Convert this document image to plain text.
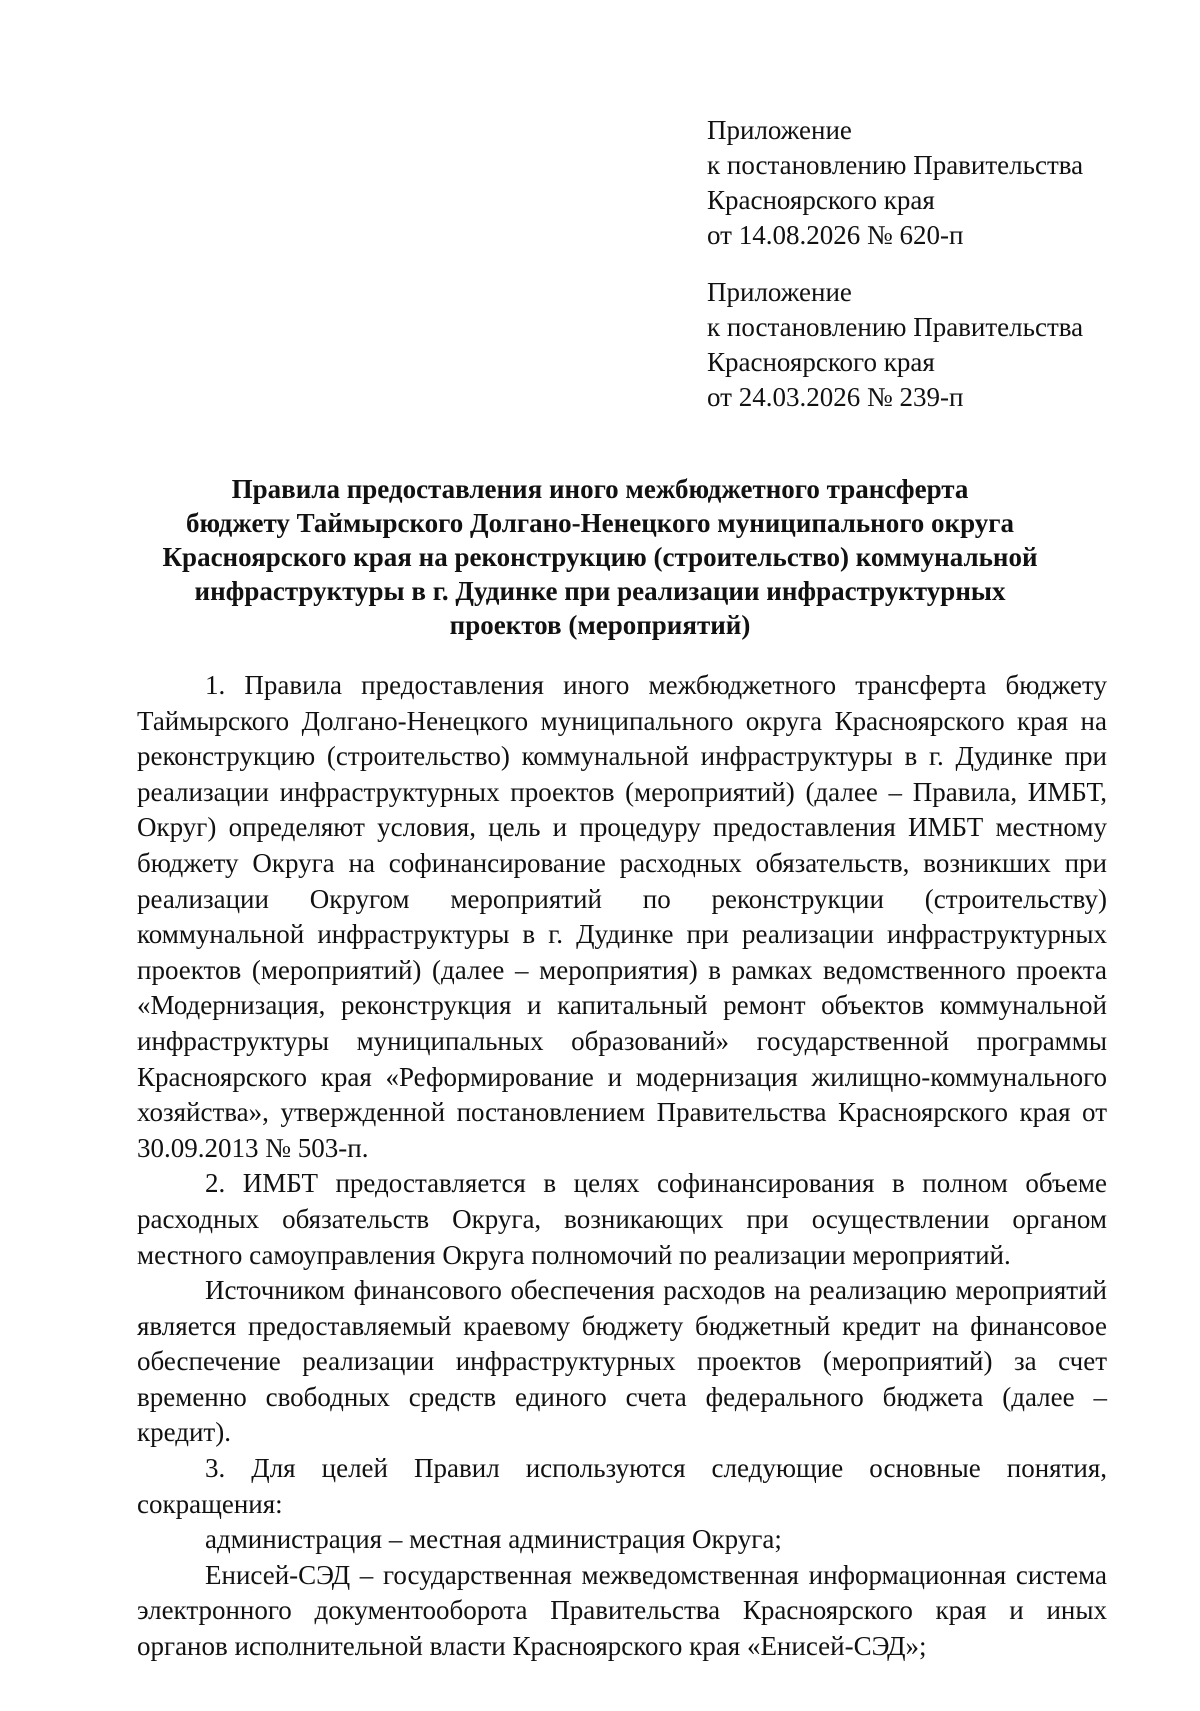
Приложение

к постановлению Правительства

Красноярского края

от 14.08.2026 № 620-п

Приложение

к постановлению Правительства

Красноярского края

от 24.03.2026 № 239-п

Правила предоставления иного межбюджетного трансферта
бюджету Таймырского Долгано-Ненецкого муниципального округа
Красноярского края на реконструкцию (строительство) коммунальной
инфраструктуры в г. Дудинке при реализации инфраструктурных
проектов (мероприятий)

1. Правила предоставления иного межбюджетного трансферта бюджету Таймырского Долгано-Ненецкого муниципального округа Красноярского края на реконструкцию (строительство) коммунальной инфраструктуры в г. Дудинке при реализации инфраструктурных проектов (мероприятий) (далее – Правила, ИМБТ, Округ) определяют условия, цель и процедуру предоставления ИМБТ местному бюджету Округа на софинансирование расходных обязательств, возникших при реализации Округом мероприятий по реконструкции (строительству) коммунальной инфраструктуры в г. Дудинке при реализации инфраструктурных проектов (мероприятий) (далее – мероприятия) в рамках ведомственного проекта «Модернизация, реконструкция и капитальный ремонт объектов коммунальной инфраструктуры муниципальных образований» государственной программы Красноярского края «Реформирование и модернизация жилищно-коммунального хозяйства», утвержденной постановлением Правительства Красноярского края от 30.09.2013 № 503-п.

2. ИМБТ предоставляется в целях софинансирования в полном объеме расходных обязательств Округа, возникающих при осуществлении органом местного самоуправления Округа полномочий по реализации мероприятий.

Источником финансового обеспечения расходов на реализацию мероприятий является предоставляемый краевому бюджету бюджетный кредит на финансовое обеспечение реализации инфраструктурных проектов (мероприятий) за счет временно свободных средств единого счета федерального бюджета (далее – кредит).

3. Для целей Правил используются следующие основные понятия, сокращения:

администрация – местная администрация Округа;

Енисей-СЭД – государственная межведомственная информационная система электронного документооборота Правительства Красноярского края и иных органов исполнительной власти Красноярского края «Енисей-СЭД»;
